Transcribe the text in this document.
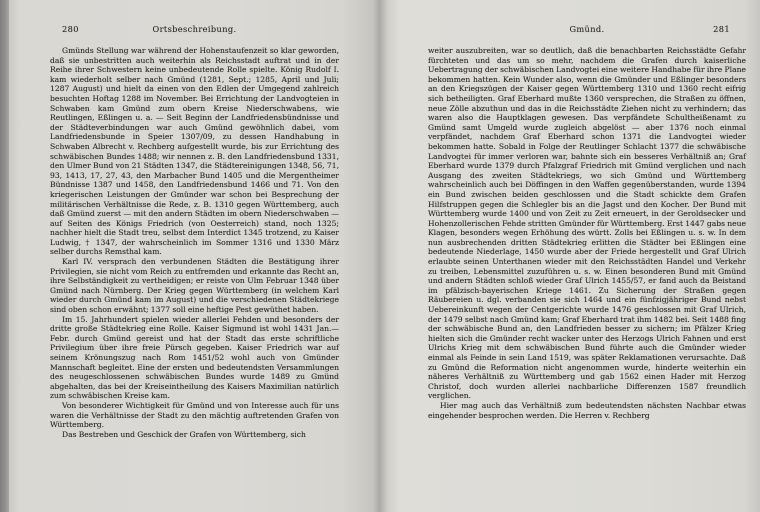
280	Ortsbeschreibung.

Gmünds Stellung war während der Hohenstaufenzeit so klar geworden, daß sie unbestritten auch weiterhin als Reichsstadt auftrat und in der Reihe ihrer Schwestern keine unbedeutende Rolle spielte. König Rudolf I. kam wiederholt selber nach Gmünd (1281, Sept.; 1285, April und Juli; 1287 August) und hielt da einen von den Edlen der Umgegend zahlreich besuchten Hoftag 1288 im November. Bei Errichtung der Landvogteien in Schwaben kam Gmünd zum obern Kreise Niederschwabens, wie Reutlingen, Eßlingen u. a. — Seit Beginn der Landfriedensbündnisse und der Städteverbindungen war auch Gmünd gewöhnlich dabei, vom Landfriedensbunde in Speier 1307/09, zu dessen Handhabung in Schwaben Albrecht v. Rechberg aufgestellt wurde, bis zur Errichtung des schwäbischen Bundes 1488; wir nennen z. B. den Landfriedensbund 1331, den Ulmer Bund von 21 Städten 1347, die Städtereinigungen 1348, 56, 71, 93, 1413, 17, 27, 43, den Marbacher Bund 1405 und die Mergentheimer Bündnisse 1387 und 1458, den Landfriedensbund 1466 und 71. Von den kriegerischen Leistungen der Gmünder war schon bei Besprechung der militärischen Verhältnisse die Rede, z. B. 1310 gegen Württemberg, auch daß Gmünd zuerst — mit den andern Städten im obern Niederschwaben — auf Seiten des Königs Friedrich (von Oesterreich) stand, noch 1325; nachher hielt die Stadt treu, selbst dem Interdict 1345 trotzend, zu Kaiser Ludwig, † 1347, der wahrscheinlich im Sommer 1316 und 1330 März selber durchs Remsthal kam.

Karl IV. versprach den verbundenen Städten die Bestätigung ihrer Privilegien, sie nicht vom Reich zu entfremden und erkannte das Recht an, ihre Selbständigkeit zu vertheidigen; er reiste von Ulm Februar 1348 über Gmünd nach Nürnberg. Der Krieg gegen Württemberg (in welchem Karl wieder durch Gmünd kam im August) und die verschiedenen Städtekriege sind oben schon erwähnt; 1377 soll eine heftige Pest gewüthet haben.

Im 15. Jahrhundert spielen wieder allerlei Fehden und besonders der dritte große Städtekrieg eine Rolle. Kaiser Sigmund ist wohl 1431 Jan.—Febr. durch Gmünd gereist und hat der Stadt das erste schriftliche Privilegium über ihre freie Pürsch gegeben. Kaiser Friedrich war auf seinem Krönungszug nach Rom 1451/52 wohl auch von Gmünder Mannschaft begleitet. Eine der ersten und bedeutendsten Versammlungen des neugeschlossenen schwäbischen Bundes wurde 1489 zu Gmünd abgehalten, das bei der Kreiseintheilung des Kaisers Maximilian natürlich zum schwäbischen Kreise kam.

Von besonderer Wichtigkeit für Gmünd und von Interesse auch für uns waren die Verhältnisse der Stadt zu den mächtig auftretenden Grafen von Württemberg.

Das Bestreben und Geschick der Grafen von Württemberg, sich

Gmünd.	281

weiter auszubreiten, war so deutlich, daß die benachbarten Reichsstädte Gefahr fürchteten und das um so mehr, nachdem die Grafen durch kaiserliche Uebertragung der schwäbischen Landvogtei eine weitere Handhabe für ihre Plane bekommen hatten. Kein Wunder also, wenn die Gmünder und Eßlinger besonders an den Kriegszügen der Kaiser gegen Württemberg 1310 und 1360 recht eifrig sich betheiligten. Graf Eberhard mußte 1360 versprechen, die Straßen zu öffnen, neue Zölle abzuthun und das in die Reichsstädte Ziehen nicht zu verhindern; das waren also die Hauptklagen gewesen. Das verpfändete Schultheißenamt zu Gmünd samt Umgeld wurde zugleich abgelöst — aber 1376 noch einmal verpfändet, nachdem Graf Eberhard schon 1371 die Landvogtei wieder bekommen hatte. Sobald in Folge der Reutlinger Schlacht 1377 die schwäbische Landvogtei für immer verloren war, bahnte sich ein besseres Verhältniß an; Graf Eberhard wurde 1379 durch Pfalzgraf Friedrich mit Gmünd verglichen und nach Ausgang des zweiten Städtekriegs, wo sich Gmünd und Württemberg wahrscheinlich auch bei Döffingen in den Waffen gegenüberstanden, wurde 1394 ein Bund zwischen beiden geschlossen und die Stadt schickte dem Grafen Hilfstruppen gegen die Schlegler bis an die Jagst und den Kocher. Der Bund mit Württemberg wurde 1400 und von Zeit zu Zeit erneuert, in der Geroldsecker und Hohenzollerischen Fehde stritten Gmünder für Württemberg. Erst 1447 gabs neue Klagen, besonders wegen Erhöhung des württ. Zolls bei Eßlingen u. s. w. In dem nun ausbrechenden dritten Städtekrieg erlitten die Städter bei Eßlingen eine bedeutende Niederlage, 1450 wurde aber der Friede hergestellt und Graf Ulrich erlaubte seinen Unterthanen wieder mit den Reichsstädten Handel und Verkehr zu treiben, Lebensmittel zuzuführen u. s. w. Einen besonderen Bund mit Gmünd und andern Städten schloß wieder Graf Ulrich 1455/57, er fand auch da Beistand im pfälzisch-bayerischen Kriege 1461. Zu Sicherung der Straßen gegen Räubereien u. dgl. verbanden sie sich 1464 und ein fünfzigjähriger Bund nebst Uebereinkunft wegen der Centgerichte wurde 1476 geschlossen mit Graf Ulrich, der 1479 selbst nach Gmünd kam; Graf Eberhard trat ihm 1482 bei. Seit 1488 fing der schwäbische Bund an, den Landfrieden besser zu sichern; im Pfälzer Krieg hielten sich die Gmünder recht wacker unter des Herzogs Ulrich Fahnen und erst Ulrichs Krieg mit dem schwäbischen Bund führte auch die Gmünder wieder einmal als Feinde in sein Land 1519, was später Reklamationen verursachte. Daß zu Gmünd die Reformation nicht angenommen wurde, hinderte weiterhin ein näheres Verhältniß zu Württemberg und gab 1562 einen Hader mit Herzog Christof, doch wurden allerlei nachbarliche Differenzen 1587 freundlich verglichen.

Hier mag auch das Verhältniß zum bedeutendsten nächsten Nachbar etwas eingehender besprochen werden. Die Herren v. Rechberg
